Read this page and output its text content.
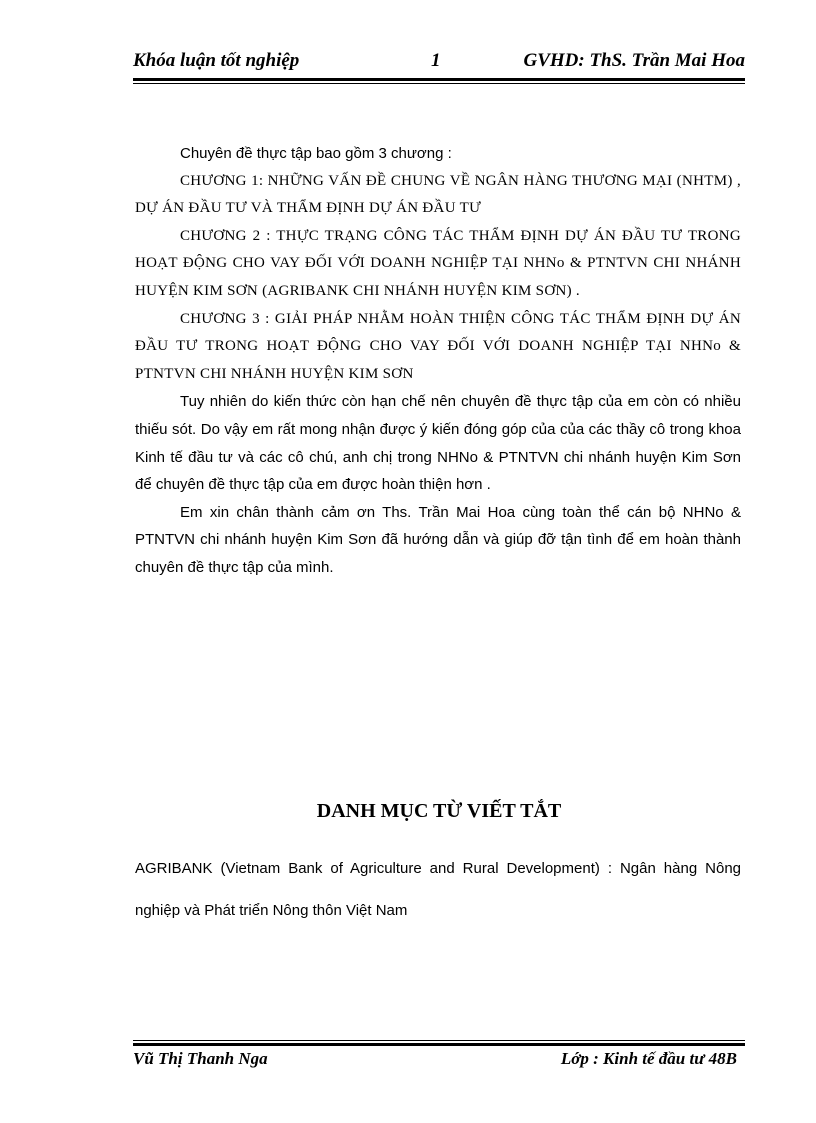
Khóa luận tốt nghiệp	1	GVHD: ThS. Trần Mai Hoa

Chuyên đề thực tập bao gồm 3 chương :

CHƯƠNG 1: NHỮNG VẤN ĐỀ CHUNG VỀ NGÂN HÀNG THƯƠNG MẠI (NHTM) , DỰ ÁN ĐẦU TƯ VÀ THẨM ĐỊNH DỰ ÁN ĐẦU TƯ

CHƯƠNG 2 : THỰC TRẠNG CÔNG TÁC THẨM ĐỊNH DỰ ÁN ĐẦU TƯ TRONG HOẠT ĐỘNG CHO VAY ĐỐI VỚI DOANH NGHIỆP TẠI NHNo & PTNTVN CHI NHÁNH HUYỆN KIM SƠN (AGRIBANK CHI NHÁNH HUYỆN KIM SƠN) .

CHƯƠNG 3 : GIẢI PHÁP NHẰM HOÀN THIỆN CÔNG TÁC THẨM ĐỊNH DỰ ÁN ĐẦU TƯ TRONG HOẠT ĐỘNG CHO VAY ĐỐI VỚI DOANH NGHIỆP TẠI NHNo & PTNTVN CHI NHÁNH HUYỆN KIM SƠN

Tuy nhiên do kiến thức còn hạn chế nên chuyên đề thực tập của em còn có nhiều thiếu sót. Do vậy em rất mong nhận được ý kiến đóng góp của của các thầy cô trong khoa Kinh tế đầu tư và các cô chú, anh chị trong NHNo & PTNTVN chi nhánh huyện Kim Sơn để chuyên đề thực tập của em được hoàn thiện hơn .

Em xin chân thành cảm ơn Ths. Trần Mai Hoa cùng toàn thể cán bộ NHNo & PTNTVN chi nhánh huyện Kim Sơn đã hướng dẫn và giúp đỡ tận tình để em hoàn thành chuyên đề thực tập của mình.

DANH MỤC TỪ VIẾT TẮT

AGRIBANK (Vietnam Bank of Agriculture and Rural Development) : Ngân hàng Nông nghiệp và Phát triển Nông thôn Việt Nam

Vũ Thị Thanh Nga	Lớp : Kinh tế đầu tư 48B
